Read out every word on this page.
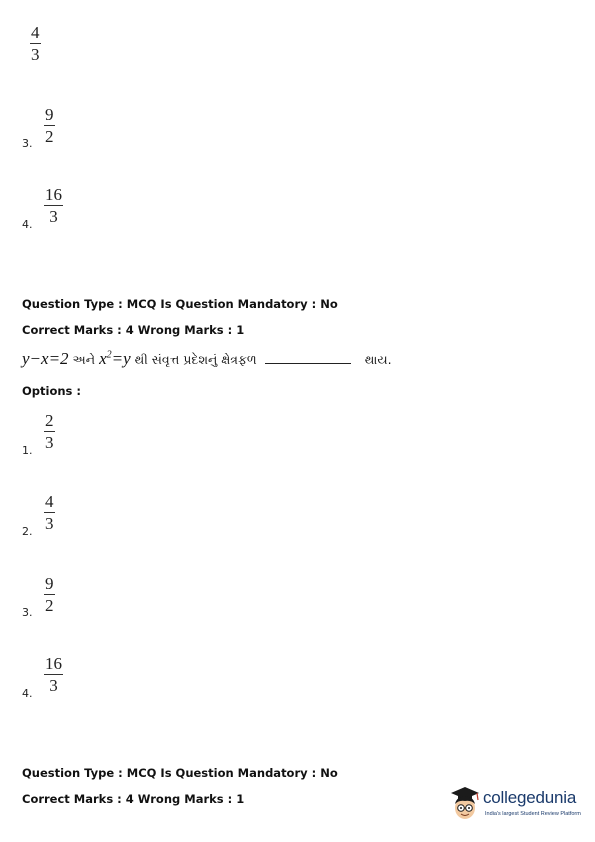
4
3
3.
9
2
4.
16
3
Question Type : MCQ Is Question Mandatory : No
Correct Marks : 4 Wrong Marks : 1
y−x=2 અને $x^2=y$ થી સંવૃત્ત પ્રદેશનું ક્ષેત્રફળ	થાય.
Options :
1.
2
3
2.
4
3
3.
9
2
4.
16
3
Question Type : MCQ Is Question Mandatory : No
Correct Marks : 4 Wrong Marks : 1	collegedunia
India's largest Student Review Platform
